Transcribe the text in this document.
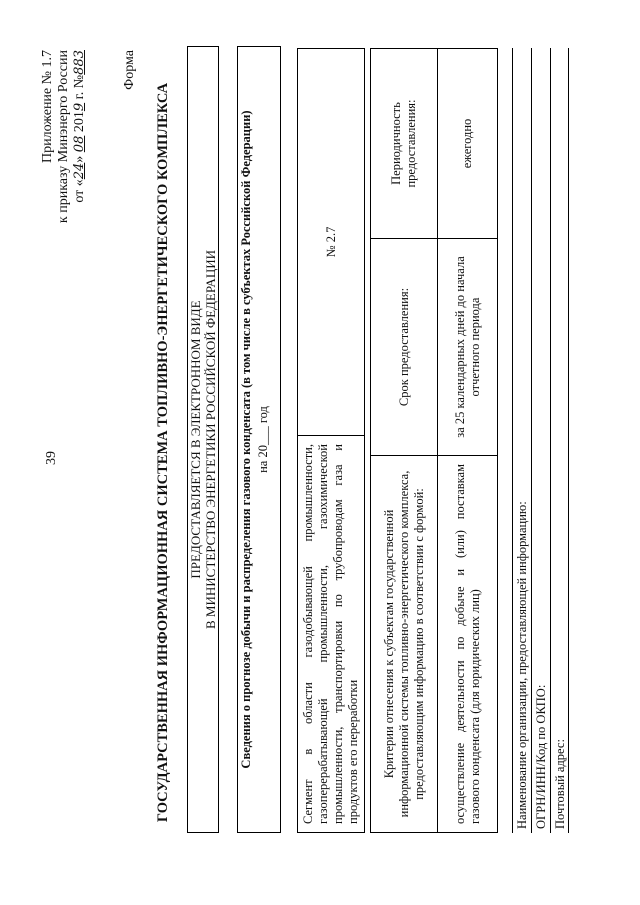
39
Приложение № 1.7 к приказу Минэнерго России от «24» 08 2019 г. №883	Форма
ГОСУДАРСТВЕННАЯ ИНФОРМАЦИОННАЯ СИСТЕМА ТОПЛИВНО-ЭНЕРГЕТИЧЕСКОГО КОМПЛЕКСА ПРЕДОСТАВЛЯЕТСЯ В ЭЛЕКТРОННОМ ВИДЕ В МИНИСТЕРСТВО ЭНЕРГЕТИКИ РОССИЙСКОЙ ФЕДЕРАЦИИ Сведения о прогнозе добычи и распределения газового конденсата (в том числе в субъектах Российской Федерации) на 20___ год
Сегмент в области газодобывающей промышленности, газоперерабатывающей промышленности, газохимической промышленности, транспортировки по трубопроводам газа и продуктов его переработки	№ 2.7
Критерии отнесения к субъектам государственной информационной системы топливно-энергетического комплекса, предоставляющим информацию в соответствии с формой:	Срок предоставления:	Периодичность предоставления:
осуществление деятельности по добыче и (или) поставкам газового конденсата (для юридических лиц)	за 25 календарных дней до начала отчетного периода	ежегодно
Наименование организации, предоставляющей информацию: ОГРН/ИНН/Код по ОКПО: Почтовый адрес:
